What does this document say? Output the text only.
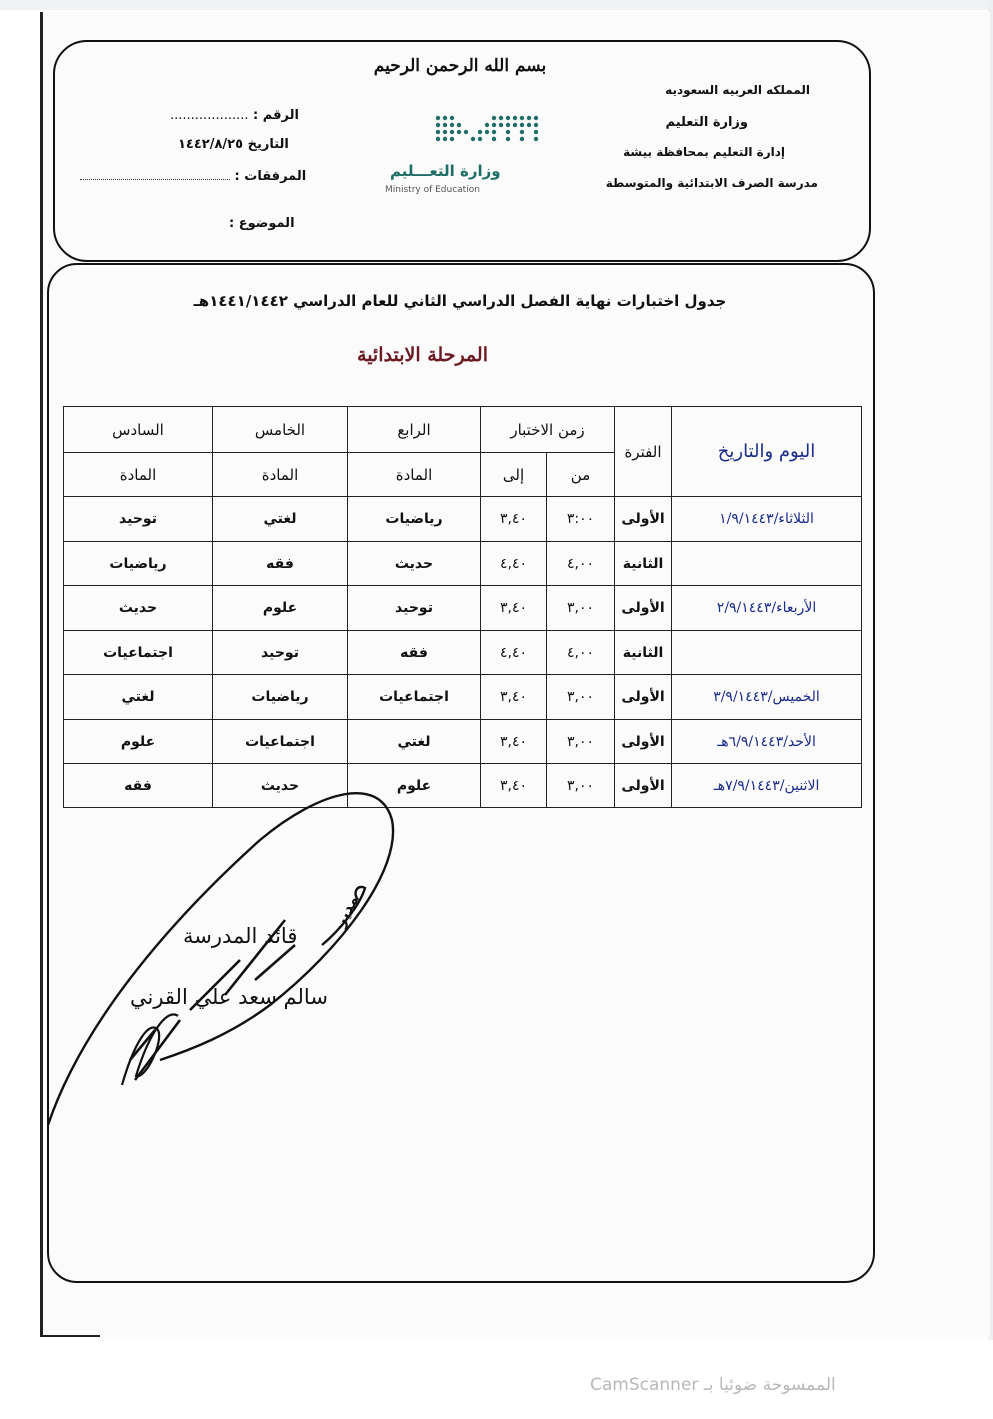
بسم الله الرحمن الرحيم
المملكه العربيه السعوديه
وزارة التعليم
إدارة التعليم بمحافظة بيشة
مدرسة الصرف الابتدائية والمتوسطة
الرقم : ...................
التاريخ ١٤٤٢/٨/٢٥
المرفقات :
الموضوع :
وزارة التعـــليم
Ministry of Education
جدول اختبارات نهاية الفصل الدراسي الثاني للعام الدراسي ١٤٤١/١٤٤٢هـ
المرحلة الابتدائية
اليوم والتاريخ	الفترة	زمن الاختبار		الرابع	الخامس	السادس
		من	إلى	المادة	المادة	المادة
الثلاثاء/١/٩/١٤٤٣	الأولى	٣:٠٠	٣,٤٠	رياضيات	لغتي	توحيد
	الثانية	٤,٠٠	٤,٤٠	حديث	فقه	رياضيات
الأربعاء/٢/٩/١٤٤٣	الأولى	٣,٠٠	٣,٤٠	توحيد	علوم	حديث
	الثانية	٤,٠٠	٤,٤٠	فقه	توحيد	اجتماعيات
الخميس/٣/٩/١٤٤٣	الأولى	٣,٠٠	٣,٤٠	اجتماعيات	رياضيات	لغتي
الأحد/٦/٩/١٤٤٣هـ	الأولى	٣,٠٠	٣,٤٠	لغتي	اجتماعيات	علوم
الاثنين/٧/٩/١٤٤٣هـ	الأولى	٣,٠٠	٣,٤٠	علوم	حديث	فقه
قائد المدرسة
سالم سعد علي القرني
مدير
الممسوحة ضوئيا بـ CamScanner
